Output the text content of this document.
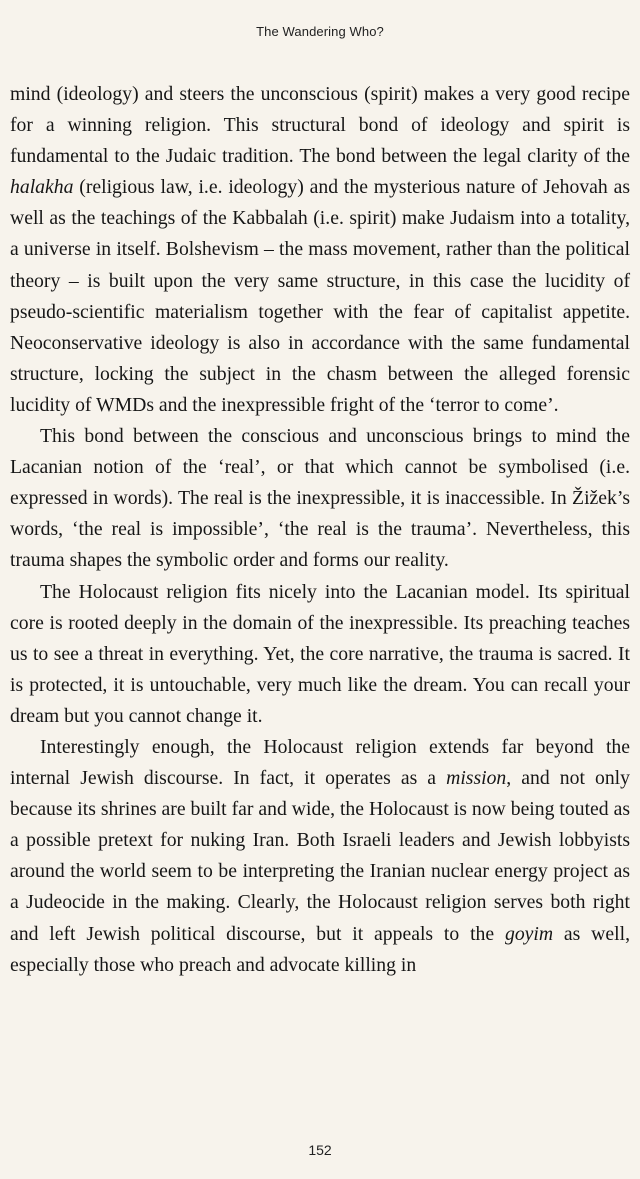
The Wandering Who?

mind (ideology) and steers the unconscious (spirit) makes a very good recipe for a winning religion. This structural bond of ideology and spirit is fundamental to the Judaic tradition. The bond between the legal clarity of the halakha (religious law, i.e. ideology) and the mysterious nature of Jehovah as well as the teachings of the Kabbalah (i.e. spirit) make Judaism into a totality, a universe in itself. Bolshevism – the mass movement, rather than the political theory – is built upon the very same structure, in this case the lucidity of pseudo-scientific materialism together with the fear of capitalist appetite. Neoconservative ideology is also in accordance with the same fundamental structure, locking the subject in the chasm between the alleged forensic lucidity of WMDs and the inexpressible fright of the ‘terror to come’.

This bond between the conscious and unconscious brings to mind the Lacanian notion of the ‘real’, or that which cannot be symbolised (i.e. expressed in words). The real is the inexpressible, it is inaccessible. In Žižek’s words, ‘the real is impossible’, ‘the real is the trauma’. Nevertheless, this trauma shapes the symbolic order and forms our reality.

The Holocaust religion fits nicely into the Lacanian model. Its spiritual core is rooted deeply in the domain of the inexpressible. Its preaching teaches us to see a threat in everything. Yet, the core narrative, the trauma is sacred. It is protected, it is untouchable, very much like the dream. You can recall your dream but you cannot change it.

Interestingly enough, the Holocaust religion extends far beyond the internal Jewish discourse. In fact, it operates as a mission, and not only because its shrines are built far and wide, the Holocaust is now being touted as a possible pretext for nuking Iran. Both Israeli leaders and Jewish lobbyists around the world seem to be interpreting the Iranian nuclear energy project as a Judeocide in the making. Clearly, the Holocaust religion serves both right and left Jewish political discourse, but it appeals to the goyim as well, especially those who preach and advocate killing in

152
